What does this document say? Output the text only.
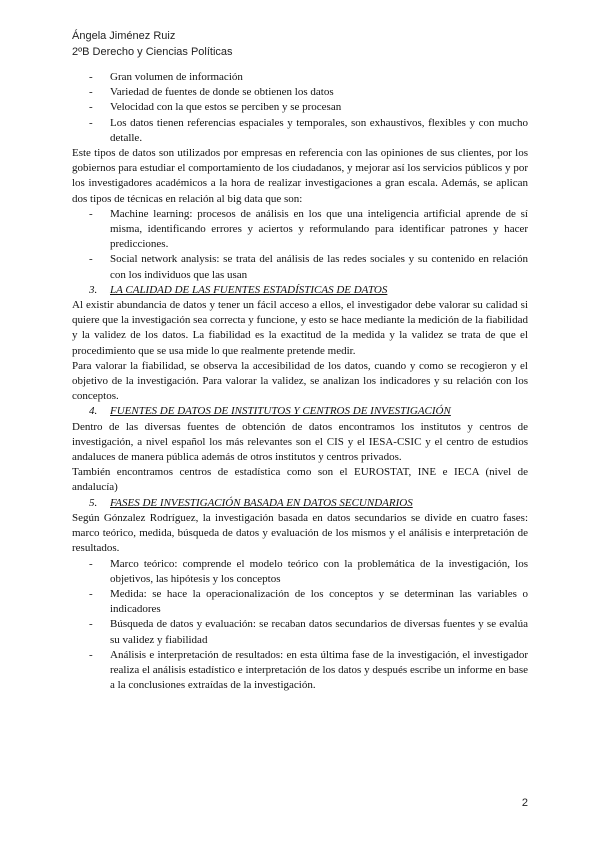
Ángela Jiménez Ruiz
2ºB Derecho y Ciencias Políticas
- Gran volumen de información
- Variedad de fuentes de donde se obtienen los datos
- Velocidad con la que estos se perciben y se procesan
- Los datos tienen referencias espaciales y temporales, son exhaustivos, flexibles y con mucho detalle.

Este tipos de datos son utilizados por empresas en referencia con las opiniones de sus clientes, por los gobiernos para estudiar el comportamiento de los ciudadanos, y mejorar así los servicios públicos y por los investigadores académicos a la hora de realizar investigaciones a gran escala. Además, se aplican dos tipos de técnicas en relación al big data que son:

- Machine learning: procesos de análisis en los que una inteligencia artificial aprende de sí misma, identificando errores y aciertos y reformulando para identificar patrones y hacer predicciones.
- Social network analysis: se trata del análisis de las redes sociales y su contenido en relación con los individuos que las usan
3. LA CALIDAD DE LAS FUENTES ESTADÍSTICAS DE DATOS

Al existir abundancia de datos y tener un fácil acceso a ellos, el investigador debe valorar su calidad si quiere que la investigación sea correcta y funcione, y esto se hace mediante la medición de la fiabilidad y la validez de los datos. La fiabilidad es la exactitud de la medida y la validez se trata de que el procedimiento que se usa mide lo que realmente pretende medir.

Para valorar la fiabilidad, se observa la accesibilidad de los datos, cuando y como se recogieron y el objetivo de la investigación. Para valorar la validez, se analizan los indicadores y su relación con los conceptos.

4. FUENTES DE DATOS DE INSTITUTOS Y CENTROS DE INVESTIGACIÓN

Dentro de las diversas fuentes de obtención de datos encontramos los institutos y centros de investigación, a nivel español los más relevantes son el CIS y el IESA-CSIC y el centro de estudios andaluces de manera pública además de otros institutos y centros privados.

También encontramos centros de estadística como son el EUROSTAT, INE e IECA (nivel de andalucía)

5. FASES DE INVESTIGACIÓN BASADA EN DATOS SECUNDARIOS

Según Gónzalez Rodríguez, la investigación basada en datos secundarios se divide en cuatro fases: marco teórico, medida, búsqueda de datos y evaluación de los mismos y el análisis e interpretación de resultados.

- Marco teórico: comprende el modelo teórico con la problemática de la investigación, los objetivos, las hipótesis y los conceptos
- Medida: se hace la operacionalización de los conceptos y se determinan las variables o indicadores
- Búsqueda de datos y evaluación: se recaban datos secundarios de diversas fuentes y se evalúa su validez y fiabilidad
- Análisis e interpretación de resultados: en esta última fase de la investigación, el investigador realiza el análisis estadístico e interpretación de los datos y después escribe un informe en base a la conclusiones extraídas de la investigación.
2
